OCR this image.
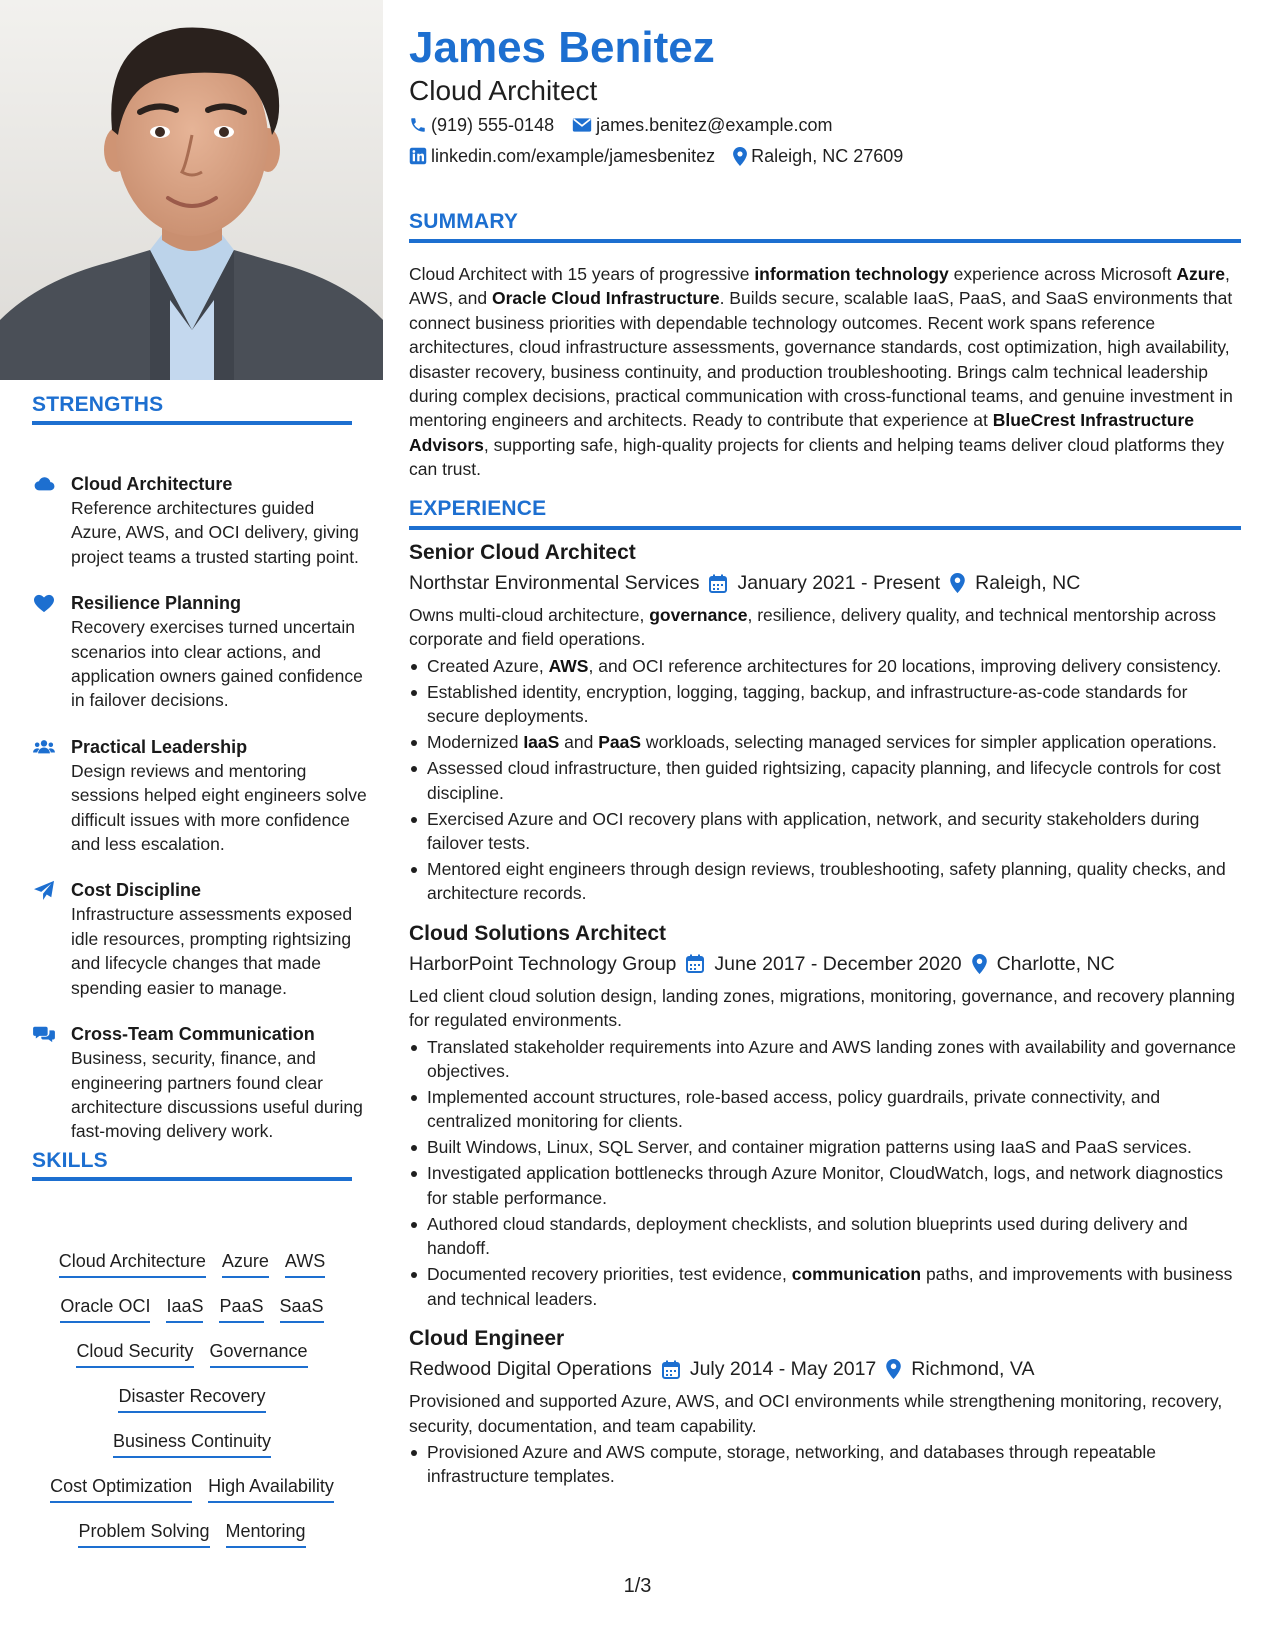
STRENGTHS
Cloud Architecture
Reference architectures guided Azure, AWS, and OCI delivery, giving project teams a trusted starting point.
Resilience Planning
Recovery exercises turned uncertain scenarios into clear actions, and application owners gained confidence in failover decisions.
Practical Leadership
Design reviews and mentoring sessions helped eight engineers solve difficult issues with more confidence and less escalation.
Cost Discipline
Infrastructure assessments exposed idle resources, prompting rightsizing and lifecycle changes that made spending easier to manage.
Cross-Team Communication
Business, security, finance, and engineering partners found clear architecture discussions useful during fast-moving delivery work.
SKILLS
Cloud Architecture Azure AWS
Oracle OCI IaaS PaaS SaaS
Cloud Security Governance
Disaster Recovery
Business Continuity
Cost Optimization High Availability
Problem Solving Mentoring
James Benitez
Cloud Architect
(919) 555-0148 james.benitez@example.com
linkedin.com/example/jamesbenitez Raleigh, NC 27609
SUMMARY
Cloud Architect with 15 years of progressive information technology experience across Microsoft Azure, AWS, and Oracle Cloud Infrastructure. Builds secure, scalable IaaS, PaaS, and SaaS environments that connect business priorities with dependable technology outcomes. Recent work spans reference architectures, cloud infrastructure assessments, governance standards, cost optimization, high availability, disaster recovery, business continuity, and production troubleshooting. Brings calm technical leadership during complex decisions, practical communication with cross-functional teams, and genuine investment in mentoring engineers and architects. Ready to contribute that experience at BlueCrest Infrastructure Advisors, supporting safe, high-quality projects for clients and helping teams deliver cloud platforms they can trust.
EXPERIENCE
Senior Cloud Architect
Northstar Environmental Services January 2021 - Present Raleigh, NC
Owns multi-cloud architecture, governance, resilience, delivery quality, and technical mentorship across corporate and field operations.
Created Azure, AWS, and OCI reference architectures for 20 locations, improving delivery consistency.
Established identity, encryption, logging, tagging, backup, and infrastructure-as-code standards for secure deployments.
Modernized IaaS and PaaS workloads, selecting managed services for simpler application operations.
Assessed cloud infrastructure, then guided rightsizing, capacity planning, and lifecycle controls for cost discipline.
Exercised Azure and OCI recovery plans with application, network, and security stakeholders during failover tests.
Mentored eight engineers through design reviews, troubleshooting, safety planning, quality checks, and architecture records.
Cloud Solutions Architect
HarborPoint Technology Group June 2017 - December 2020 Charlotte, NC
Led client cloud solution design, landing zones, migrations, monitoring, governance, and recovery planning for regulated environments.
Translated stakeholder requirements into Azure and AWS landing zones with availability and governance objectives.
Implemented account structures, role-based access, policy guardrails, private connectivity, and centralized monitoring for clients.
Built Windows, Linux, SQL Server, and container migration patterns using IaaS and PaaS services.
Investigated application bottlenecks through Azure Monitor, CloudWatch, logs, and network diagnostics for stable performance.
Authored cloud standards, deployment checklists, and solution blueprints used during delivery and handoff.
Documented recovery priorities, test evidence, communication paths, and improvements with business and technical leaders.
Cloud Engineer
Redwood Digital Operations July 2014 - May 2017 Richmond, VA
Provisioned and supported Azure, AWS, and OCI environments while strengthening monitoring, recovery, security, documentation, and team capability.
Provisioned Azure and AWS compute, storage, networking, and databases through repeatable infrastructure templates.
1/3
